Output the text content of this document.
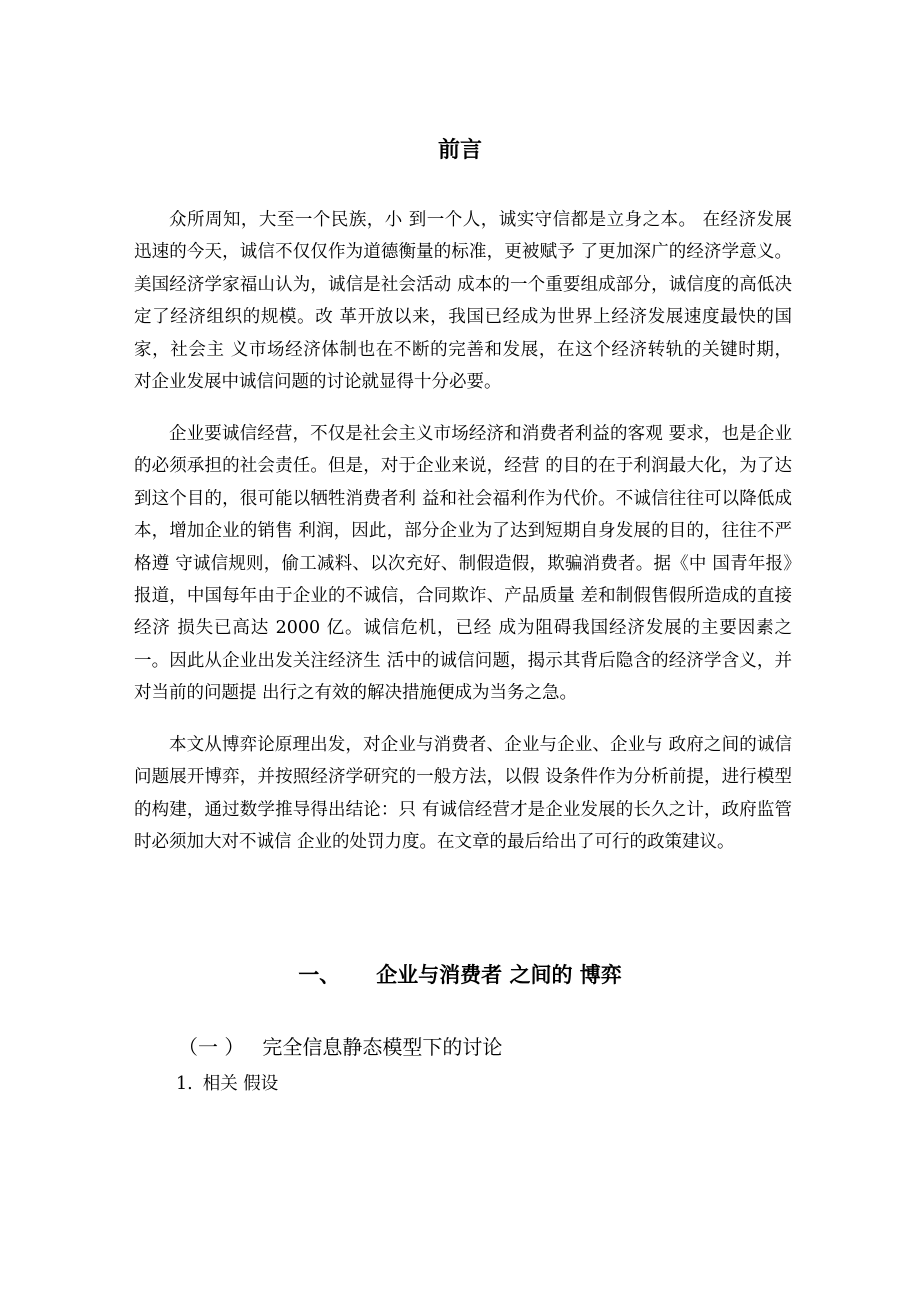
前言

众所周知，大至一个民族，小 到一个人，诚实守信都是立身之本。 在经济发展迅速的今天，诚信不仅仅作为道德衡量的标准，更被赋予 了更加深广的经济学意义。美国经济学家福山认为，诚信是社会活动 成本的一个重要组成部分，诚信度的高低决定了经济组织的规模。改 革开放以来，我国已经成为世界上经济发展速度最快的国家，社会主 义市场经济体制也在不断的完善和发展，在这个经济转轨的关键时期， 对企业发展中诚信问题的讨论就显得十分必要。

企业要诚信经营，不仅是社会主义市场经济和消费者利益的客观 要求，也是企业的必须承担的社会责任。但是，对于企业来说，经营 的目的在于利润最大化，为了达到这个目的，很可能以牺牲消费者利 益和社会福利作为代价。不诚信往往可以降低成本，增加企业的销售 利润，因此，部分企业为了达到短期自身发展的目的，往往不严格遵 守诚信规则，偷工减料、以次充好、制假造假，欺骗消费者。据《中 国青年报》报道，中国每年由于企业的不诚信，合同欺诈、产品质量 差和制假售假所造成的直接经济 损失已高达 2000 亿。诚信危机，已经 成为阻碍我国经济发展的主要因素之一。因此从企业出发关注经济生 活中的诚信问题，揭示其背后隐含的经济学含义，并对当前的问题提 出行之有效的解决措施便成为当务之急。

本文从博弈论原理出发，对企业与消费者、企业与企业、企业与 政府之间的诚信问题展开博弈，并按照经济学研究的一般方法，以假 设条件作为分析前提，进行模型的构建，通过数学推导得出结论：只 有诚信经营才是企业发展的长久之计，政府监管时必须加大对不诚信 企业的处罚力度。在文章的最后给出了可行的政策建议。

一、 企业与消费者 之间的 博弈
（一 ） 完全信息静态模型下的讨论
1. 相关 假设
